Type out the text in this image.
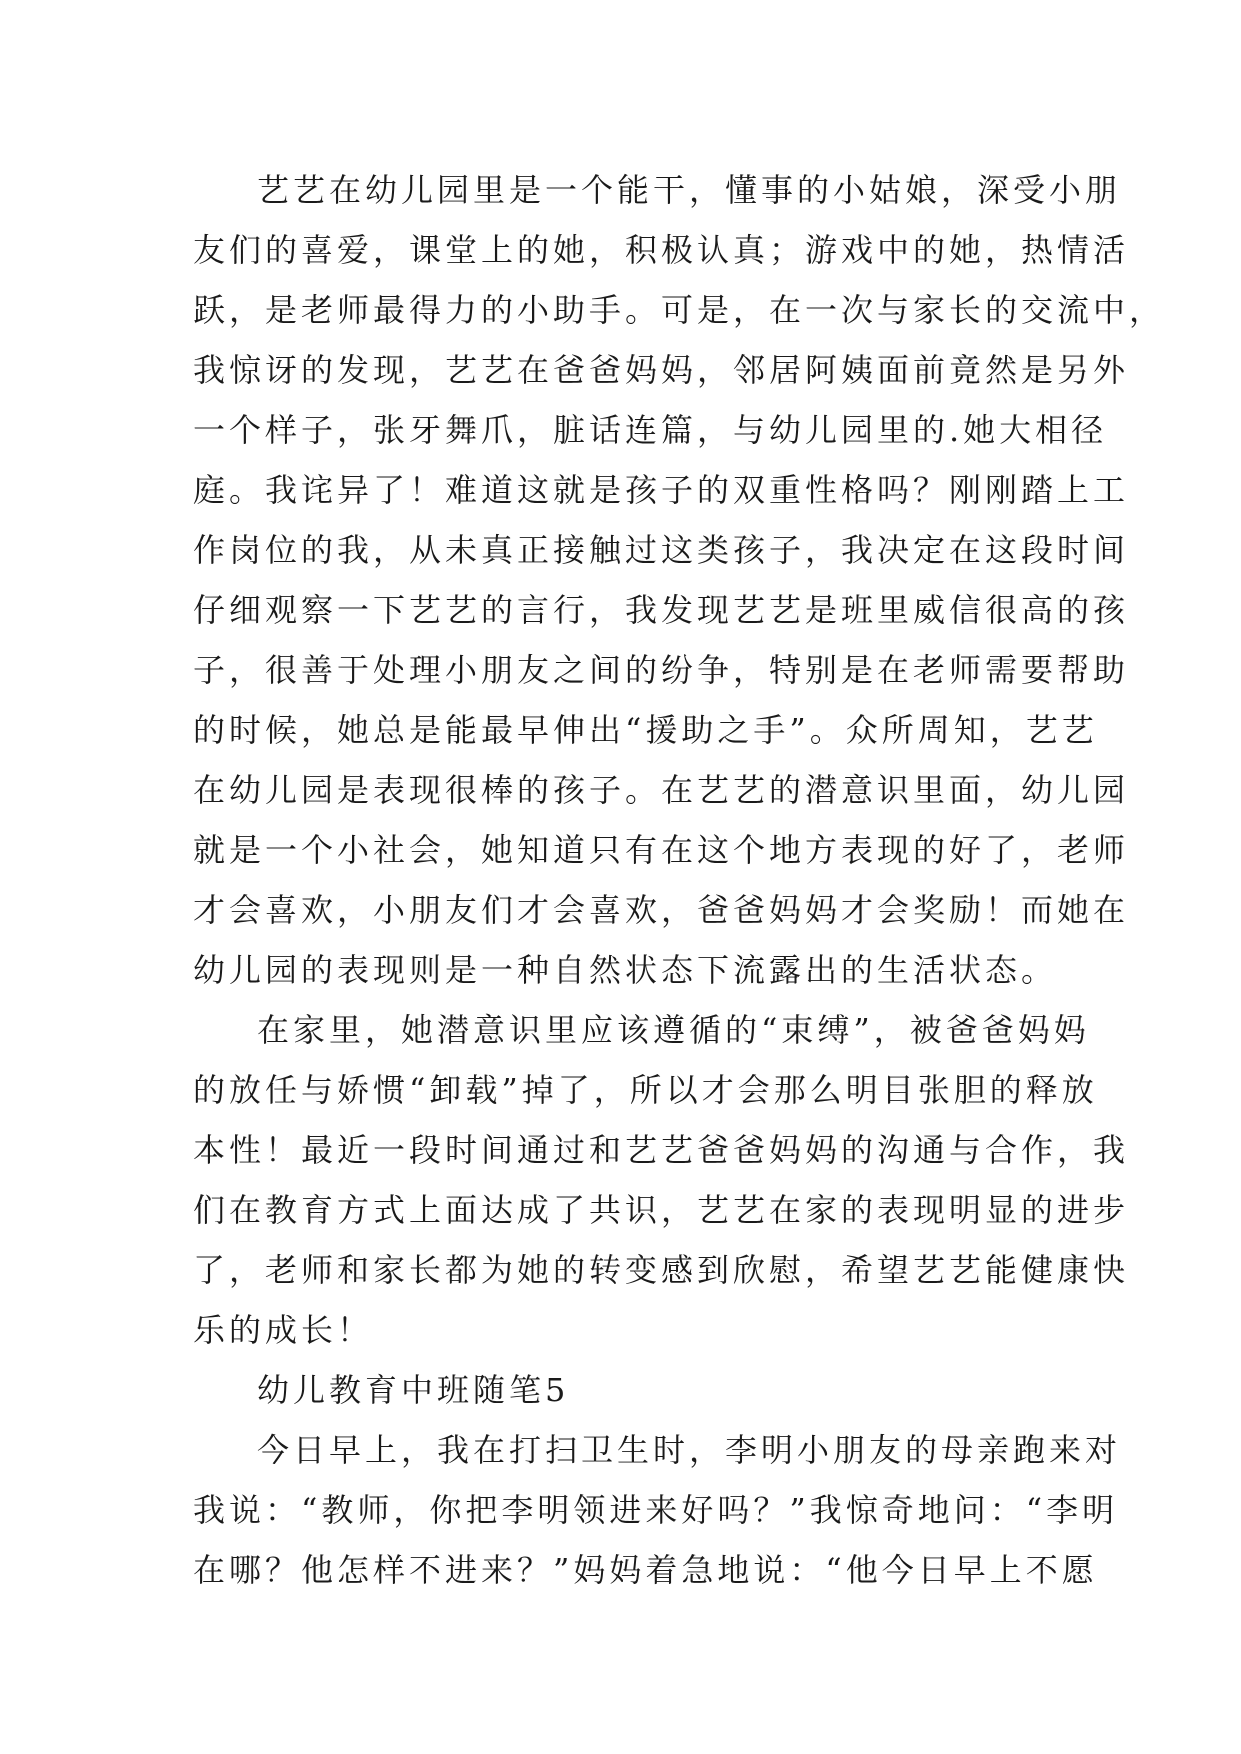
艺艺在幼儿园里是一个能干，懂事的小姑娘，深受小朋
友们的喜爱，课堂上的她，积极认真；游戏中的她，热情活
跃，是老师最得力的小助手。可是，在一次与家长的交流中，
我惊讶的发现，艺艺在爸爸妈妈，邻居阿姨面前竟然是另外
一个样子，张牙舞爪，脏话连篇，与幼儿园里的.她大相径
庭。我诧异了！难道这就是孩子的双重性格吗？刚刚踏上工
作岗位的我，从未真正接触过这类孩子，我决定在这段时间
仔细观察一下艺艺的言行，我发现艺艺是班里威信很高的孩
子，很善于处理小朋友之间的纷争，特别是在老师需要帮助
的时候，她总是能最早伸出“援助之手”。众所周知，艺艺
在幼儿园是表现很棒的孩子。在艺艺的潜意识里面，幼儿园
就是一个小社会，她知道只有在这个地方表现的好了，老师
才会喜欢，小朋友们才会喜欢，爸爸妈妈才会奖励！而她在
幼儿园的表现则是一种自然状态下流露出的生活状态。
在家里，她潜意识里应该遵循的“束缚”，被爸爸妈妈
的放任与娇惯“卸载”掉了，所以才会那么明目张胆的释放
本性！最近一段时间通过和艺艺爸爸妈妈的沟通与合作，我
们在教育方式上面达成了共识，艺艺在家的表现明显的进步
了，老师和家长都为她的转变感到欣慰，希望艺艺能健康快
乐的成长！
幼儿教育中班随笔5
今日早上，我在打扫卫生时，李明小朋友的母亲跑来对
我说：“教师，你把李明领进来好吗？”我惊奇地问：“李明
在哪？他怎样不进来？”妈妈着急地说：“他今日早上不愿
